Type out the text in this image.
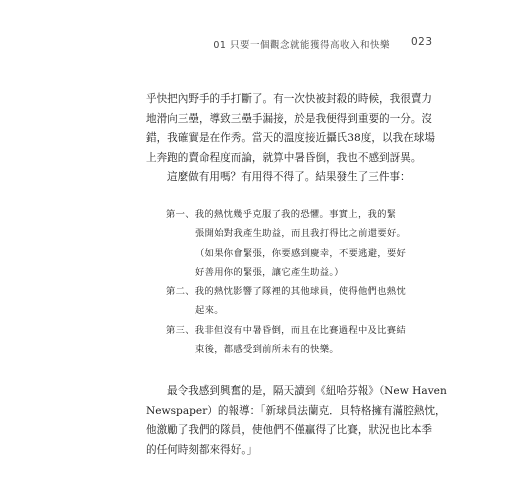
01 只要一個觀念就能獲得高收入和快樂 023
乎快把內野手的手打斷了。有一次快被封殺的時候，我很賣力
地滑向三壘，導致三壘手漏接，於是我便得到重要的一分。沒
錯，我確實是在作秀。當天的溫度接近攝氏38度，以我在球場
上奔跑的賣命程度而論，就算中暑昏倒，我也不感到訝異。
這麼做有用嗎？有用得不得了。結果發生了三件事：
第一、我的熱忱幾乎克服了我的恐懼。事實上，我的緊
張開始對我產生助益，而且我打得比之前還要好。
（如果你會緊張，你要感到慶幸，不要逃避，要好
好善用你的緊張，讓它產生助益。）
第二、我的熱忱影響了隊裡的其他球員，使得他們也熱忱
起來。
第三、我非但沒有中暑昏倒，而且在比賽過程中及比賽結
束後，都感受到前所未有的快樂。
最令我感到興奮的是，隔天讀到《紐哈芬報》（New Haven
Newspaper）的報導：「新球員法蘭克．貝特格擁有滿腔熱忱，
他激勵了我們的隊員，使他們不僅贏得了比賽，狀況也比本季
的任何時刻都來得好。」
